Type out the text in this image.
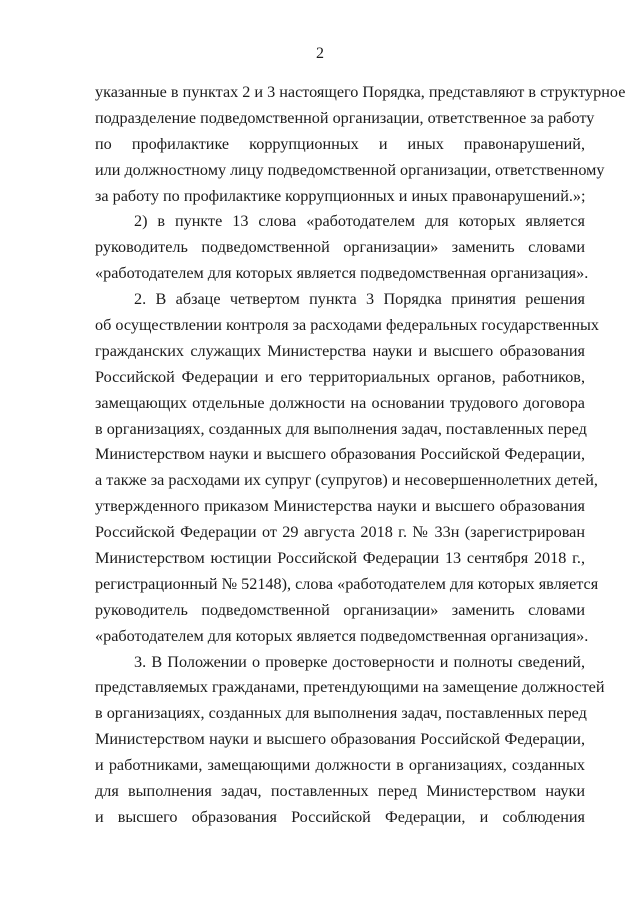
2
указанные в пунктах 2 и 3 настоящего Порядка, представляют в структурное
подразделение подведомственной организации, ответственное за работу
по профилактике коррупционных и иных правонарушений,
или должностному лицу подведомственной организации, ответственному
за работу по профилактике коррупционных и иных правонарушений.»;
2) в пункте 13 слова «работодателем для которых является
руководитель подведомственной организации» заменить словами
«работодателем для которых является подведомственная организация».
2. В абзаце четвертом пункта 3 Порядка принятия решения
об осуществлении контроля за расходами федеральных государственных
гражданских служащих Министерства науки и высшего образования
Российской Федерации и его территориальных органов, работников,
замещающих отдельные должности на основании трудового договора
в организациях, созданных для выполнения задач, поставленных перед
Министерством науки и высшего образования Российской Федерации,
а также за расходами их супруг (супругов) и несовершеннолетних детей,
утвержденного приказом Министерства науки и высшего образования
Российской Федерации от 29 августа 2018 г. № 33н (зарегистрирован
Министерством юстиции Российской Федерации 13 сентября 2018 г.,
регистрационный № 52148), слова «работодателем для которых является
руководитель подведомственной организации» заменить словами
«работодателем для которых является подведомственная организация».
3. В Положении о проверке достоверности и полноты сведений,
представляемых гражданами, претендующими на замещение должностей
в организациях, созданных для выполнения задач, поставленных перед
Министерством науки и высшего образования Российской Федерации,
и работниками, замещающими должности в организациях, созданных
для выполнения задач, поставленных перед Министерством науки
и высшего образования Российской Федерации, и соблюдения
